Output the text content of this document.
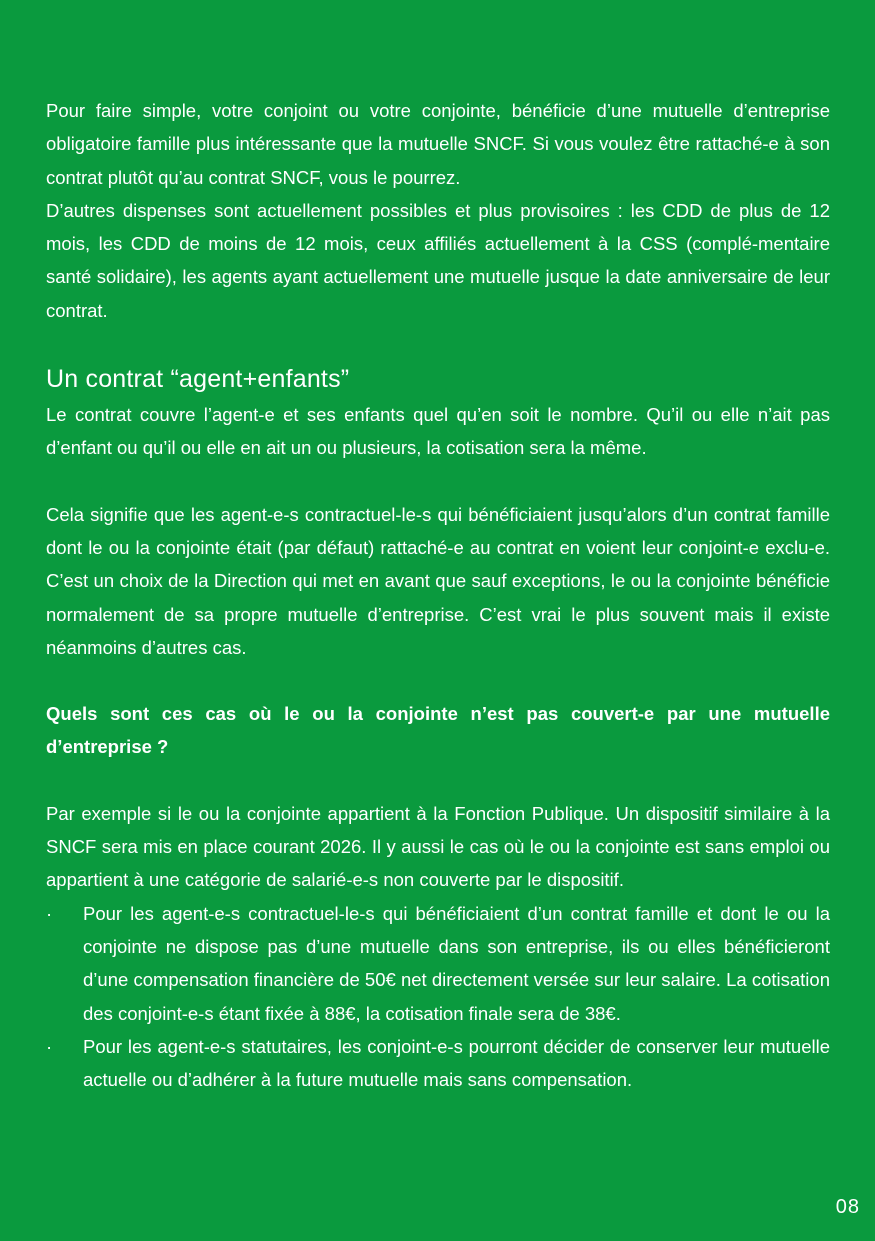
Pour faire simple, votre conjoint ou votre conjointe, bénéficie d’une mutuelle d’entreprise obligatoire famille plus intéressante que la mutuelle SNCF. Si vous voulez être rattaché-e à son contrat plutôt qu’au contrat SNCF, vous le pourrez.

D’autres dispenses sont actuellement possibles et plus provisoires : les CDD de plus de 12 mois, les CDD de moins de 12 mois, ceux affiliés actuellement à la CSS (complé-mentaire santé solidaire), les agents ayant actuellement une mutuelle jusque la date anniversaire de leur contrat.

Un contrat “agent+enfants”

Le contrat couvre l’agent-e et ses enfants quel qu’en soit le nombre. Qu’il ou elle n’ait pas d’enfant ou qu’il ou elle en ait un ou plusieurs, la cotisation sera la même.

Cela signifie que les agent-e-s contractuel-le-s qui bénéficiaient jusqu’alors d’un contrat famille dont le ou la conjointe était (par défaut) rattaché-e au contrat en voient leur conjoint-e exclu-e. C’est un choix de la Direction qui met en avant que sauf exceptions, le ou la conjointe bénéficie normalement de sa propre mutuelle d’entreprise. C’est vrai le plus souvent mais il existe néanmoins d’autres cas.

Quels sont ces cas où le ou la conjointe n’est pas couvert-e par une mutuelle d’entreprise ?

Par exemple si le ou la conjointe appartient à la Fonction Publique. Un dispositif similaire à la SNCF sera mis en place courant 2026. Il y aussi le cas où le ou la conjointe est sans emploi ou appartient à une catégorie de salarié-e-s non couverte par le dispositif.

· Pour les agent-e-s contractuel-le-s qui bénéficiaient d’un contrat famille et dont le ou la conjointe ne dispose pas d’une mutuelle dans son entreprise, ils ou elles bénéficieront d’une compensation financière de 50€ net directement versée sur leur salaire. La cotisation des conjoint-e-s étant fixée à 88€, la cotisation finale sera de 38€.
· Pour les agent-e-s statutaires, les conjoint-e-s pourront décider de conserver leur mutuelle actuelle ou d’adhérer à la future mutuelle mais sans compensation.
08
